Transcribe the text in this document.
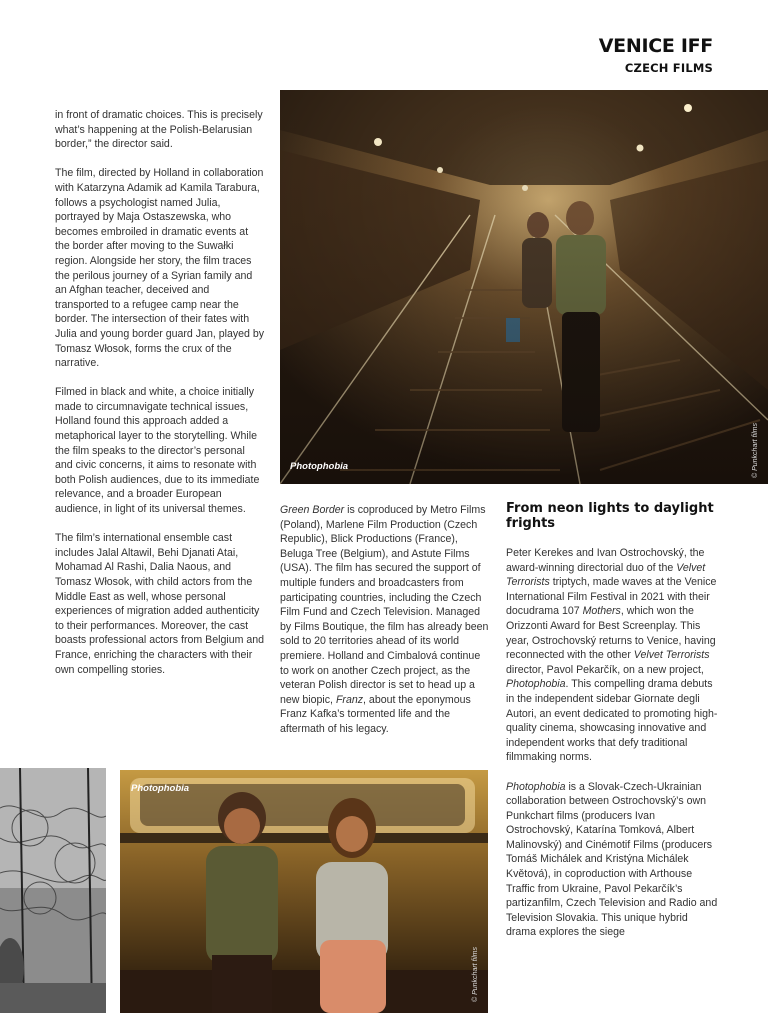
VENICE IFF
CZECH FILMS

in front of dramatic choices. This is precisely what’s happening at the Polish-Belarusian border,” the director said.

The film, directed by Holland in collaboration with Katarzyna Adamik ad Kamila Tarabura, follows a psychologist named Julia, portrayed by Maja Ostaszewska, who becomes embroiled in dramatic events at the border after moving to the Suwałki region. Alongside her story, the film traces the perilous journey of a Syrian family and an Afghan teacher, deceived and transported to a refugee camp near the border. The intersection of their fates with Julia and young border guard Jan, played by Tomasz Włosok, forms the crux of the narrative.

Filmed in black and white, a choice initially made to circumnavigate technical issues, Holland found this approach added a metaphorical layer to the storytelling. While the film speaks to the director’s personal and civic concerns, it aims to resonate with both Polish audiences, due to its immediate relevance, and a broader European audience, in light of its universal themes.

The film’s international ensemble cast includes Jalal Altawil, Behi Djanati Atai, Mohamad Al Rashi, Dalia Naous, and Tomasz Włosok, with child actors from the Middle East as well, whose personal experiences of migration added authenticity to their performances. Moreover, the cast boasts professional actors from Belgium and France, enriching the characters with their own compelling stories.

Photophobia	© Punkchart films

Green Border is coproduced by Metro Films (Poland), Marlene Film Production (Czech Republic), Blick Productions (France), Beluga Tree (Belgium), and Astute Films (USA). The film has secured the support of multiple funders and broadcasters from participating countries, including the Czech Film Fund and Czech Television. Managed by Films Boutique, the film has already been sold to 20 territories ahead of its world premiere. Holland and Cimbalová continue to work on another Czech project, as the veteran Polish director is set to head up a new biopic, Franz, about the eponymous Franz Kafka’s tormented life and the aftermath of his legacy.

From neon lights to daylight frights

Peter Kerekes and Ivan Ostrochovský, the award-winning directorial duo of the Velvet Terrorists triptych, made waves at the Venice International Film Festival in 2021 with their docudrama 107 Mothers, which won the Orizzonti Award for Best Screenplay. This year, Ostrochovský returns to Venice, having reconnected with the other Velvet Terrorists director, Pavol Pekarčík, on a new project, Photophobia. This compelling drama debuts in the independent sidebar Giornate degli Autori, an event dedicated to promoting high-quality cinema, showcasing innovative and independent works that defy traditional filmmaking norms.

Photophobia is a Slovak-Czech-Ukrainian collaboration between Ostrochovský’s own Punkchart films (producers Ivan Ostrochovský, Katarína Tomková, Albert Malinovský) and Cinémotif Films (producers Tomáš Michálek and Kristýna Michálek Květová), in coproduction with Arthouse Traffic from Ukraine, Pavol Pekarčík’s partizanfilm, Czech Television and Radio and Television Slovakia. This unique hybrid drama explores the siege

Photophobia
© Punkchart films
